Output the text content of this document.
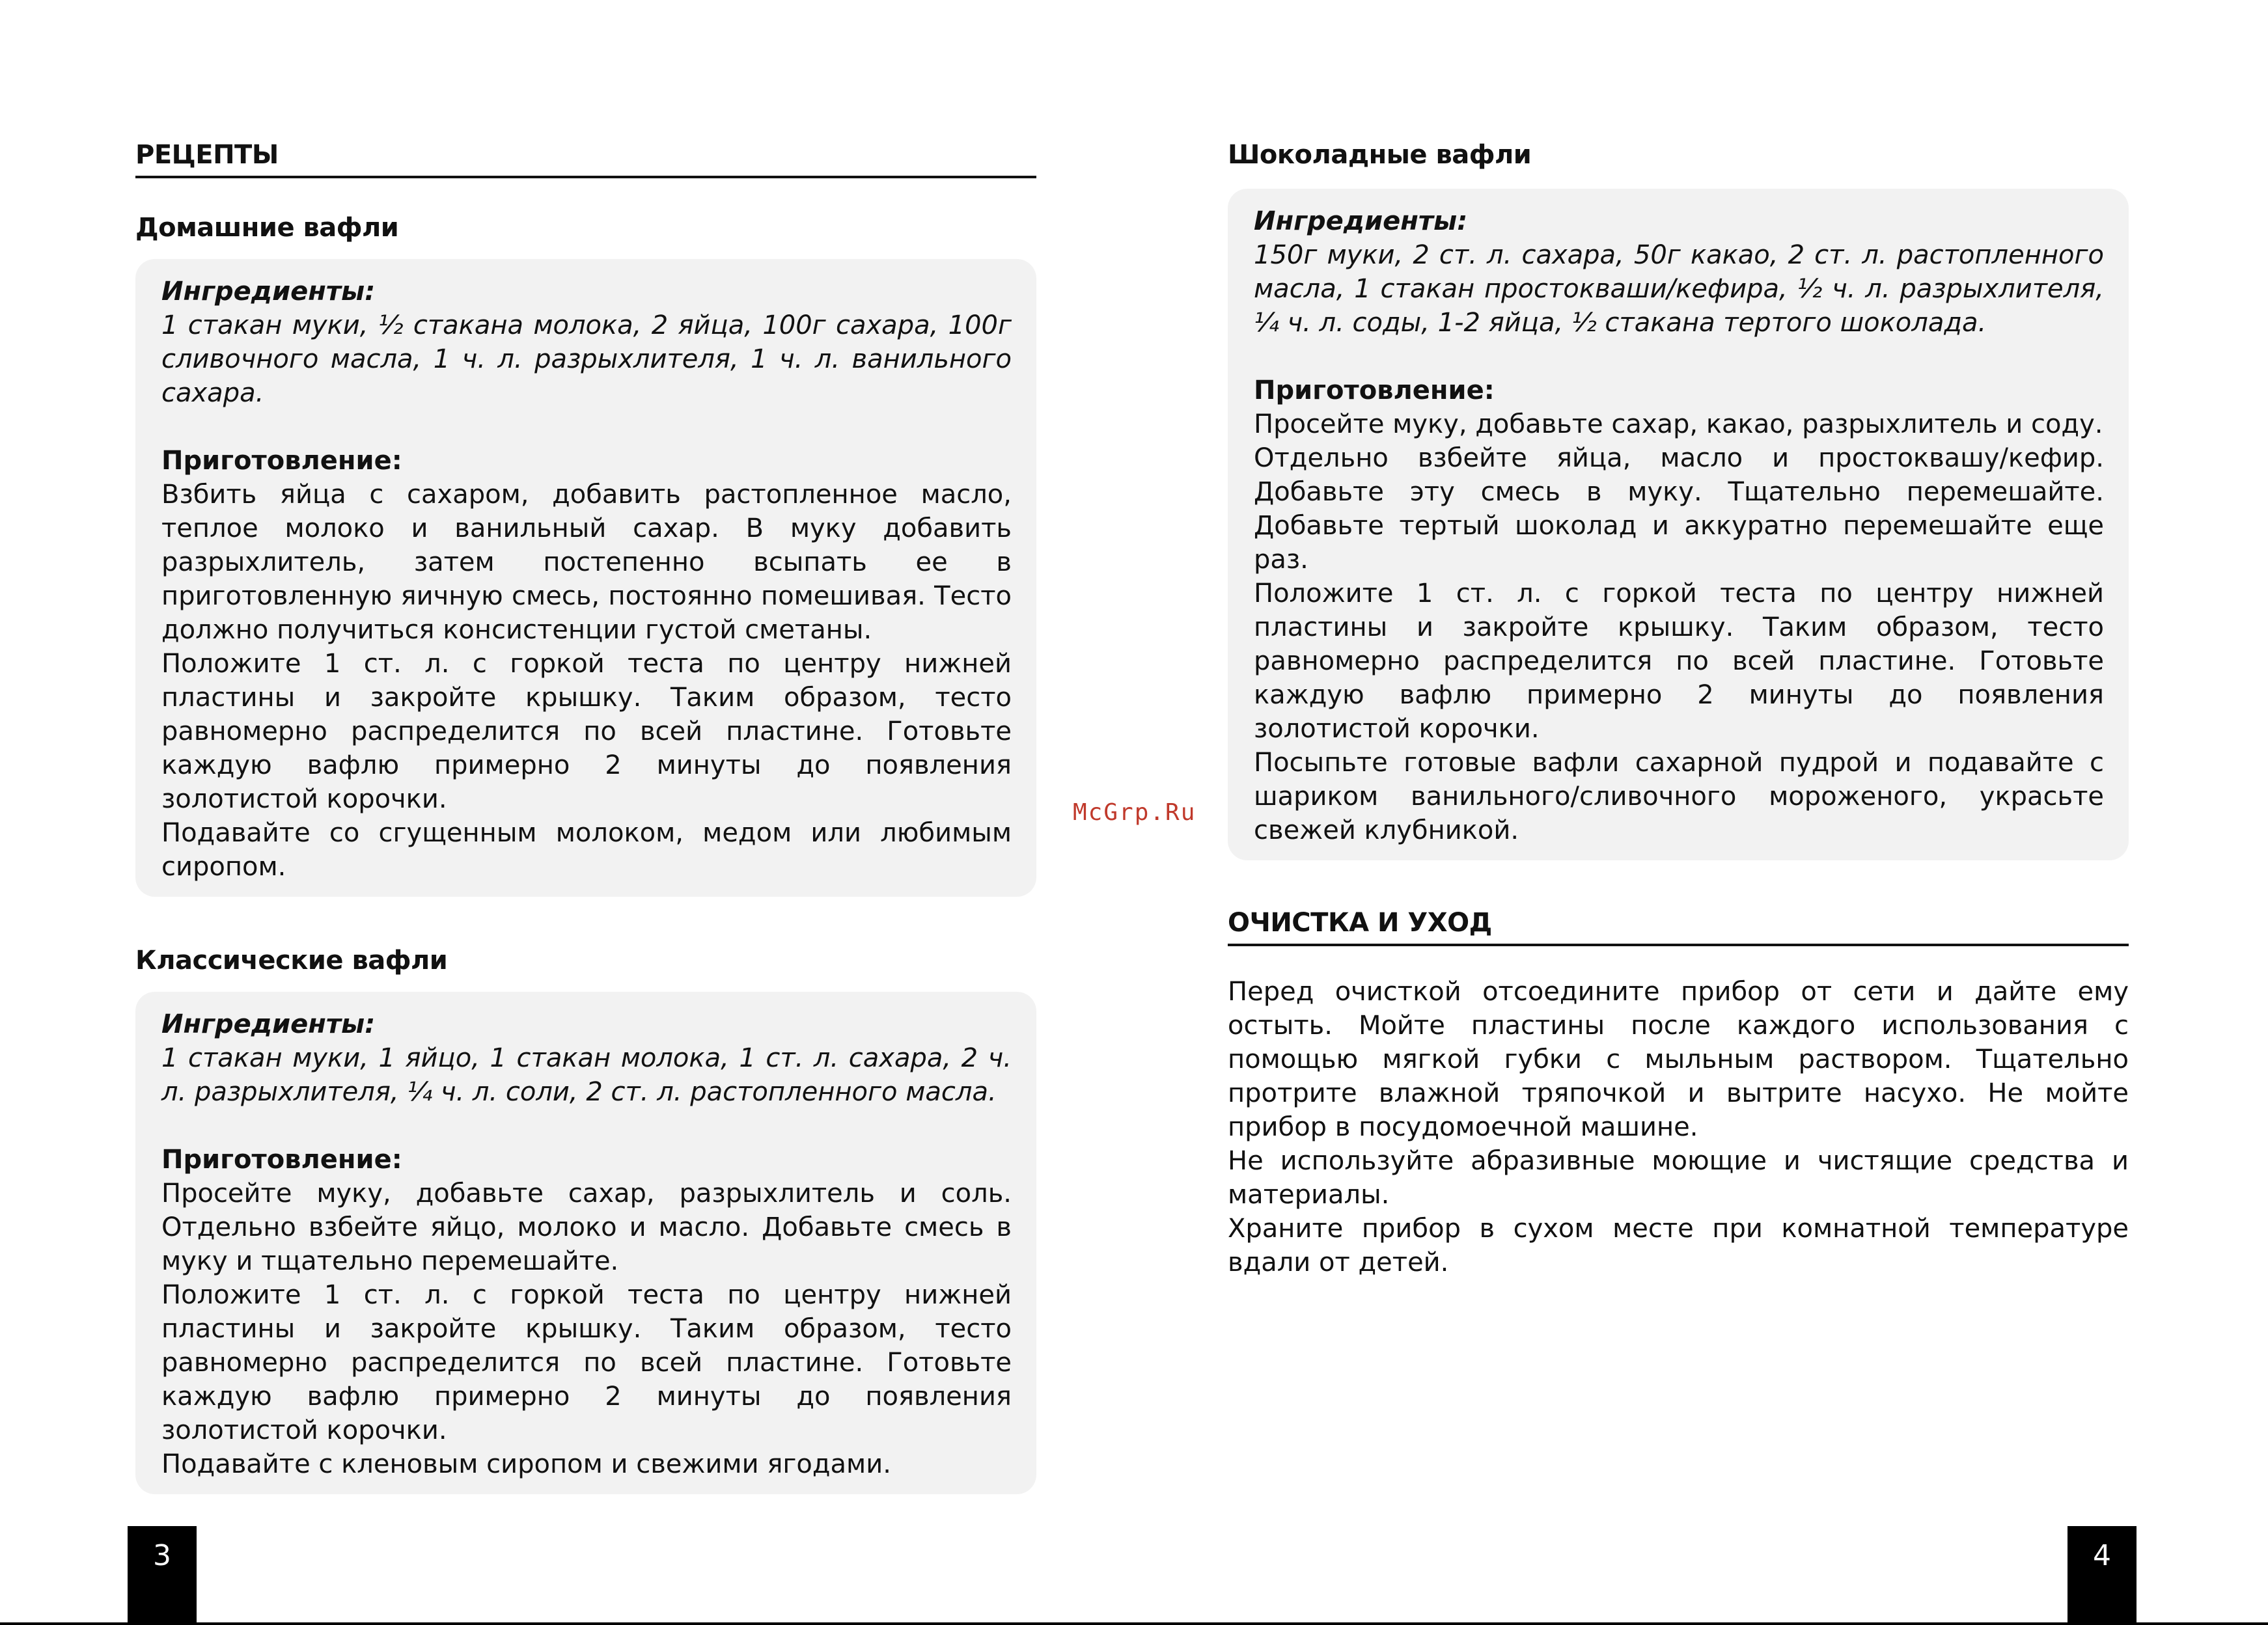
РЕЦЕПТЫ
Домашние вафли
Ингредиенты:
1 стакан муки, ½ стакана молока, 2 яйца, 100г сахара, 100г сливочного масла, 1 ч. л. разрыхлителя, 1 ч. л. ванильного сахара.
Приготовление:

Взбить яйца с сахаром, добавить растопленное масло, теплое молоко и ванильный сахар. В муку добавить разрыхлитель, затем постепенно всыпать ее в приготовленную яичную смесь, постоянно помешивая. Тесто должно получиться консистенции густой сметаны.

Положите 1 ст. л. с горкой теста по центру нижней пластины и закройте крышку. Таким образом, тесто равномерно распределится по всей пластине. Готовьте каждую вафлю примерно 2 минуты до появления золотистой корочки.

Подавайте со сгущенным молоком, медом или любимым сиропом.

Классические вафли
Ингредиенты:
1 стакан муки, 1 яйцо, 1 стакан молока, 1 ст. л. сахара, 2 ч. л. разрыхлителя, ¼ ч. л. соли, 2 ст. л. растопленного масла.
Приготовление:

Просейте муку, добавьте сахар, разрыхлитель и соль. Отдельно взбейте яйцо, молоко и масло. Добавьте смесь в муку и тщательно перемешайте.

Положите 1 ст. л. с горкой теста по центру нижней пластины и закройте крышку. Таким образом, тесто равномерно распределится по всей пластине. Готовьте каждую вафлю примерно 2 минуты до появления золотистой корочки.

Подавайте с кленовым сиропом и свежими ягодами.

Шоколадные вафли
Ингредиенты:
150г муки, 2 ст. л. сахара, 50г какао, 2 ст. л. растопленного масла, 1 стакан простокваши/кефира, ½ ч. л. разрыхлителя, ¼ ч. л. соды, 1-2 яйца, ½ стакана тертого шоколада.
Приготовление:

Просейте муку, добавьте сахар, какао, разрыхлитель и соду.

Отдельно взбейте яйца, масло и простоквашу/кефир. Добавьте эту смесь в муку. Тщательно перемешайте. Добавьте тертый шоколад и аккуратно перемешайте еще раз.

Положите 1 ст. л. с горкой теста по центру нижней пластины и закройте крышку. Таким образом, тесто равномерно распределится по всей пластине. Готовьте каждую вафлю примерно 2 минуты до появления золотистой корочки.

Посыпьте готовые вафли сахарной пудрой и подавайте с шариком ванильного/сливочного мороженого, украсьте свежей клубникой.

ОЧИСТКА И УХОД

Перед очисткой отсоедините прибор от сети и дайте ему остыть. Мойте пластины после каждого использования с помощью мягкой губки с мыльным раствором. Тщательно протрите влажной тряпочкой и вытрите насухо. Не мойте прибор в посудомоечной машине.

Не используйте абразивные моющие и чистящие средства и материалы.

Храните прибор в сухом месте при комнатной температуре вдали от детей.

McGrp.Ru
3	4
